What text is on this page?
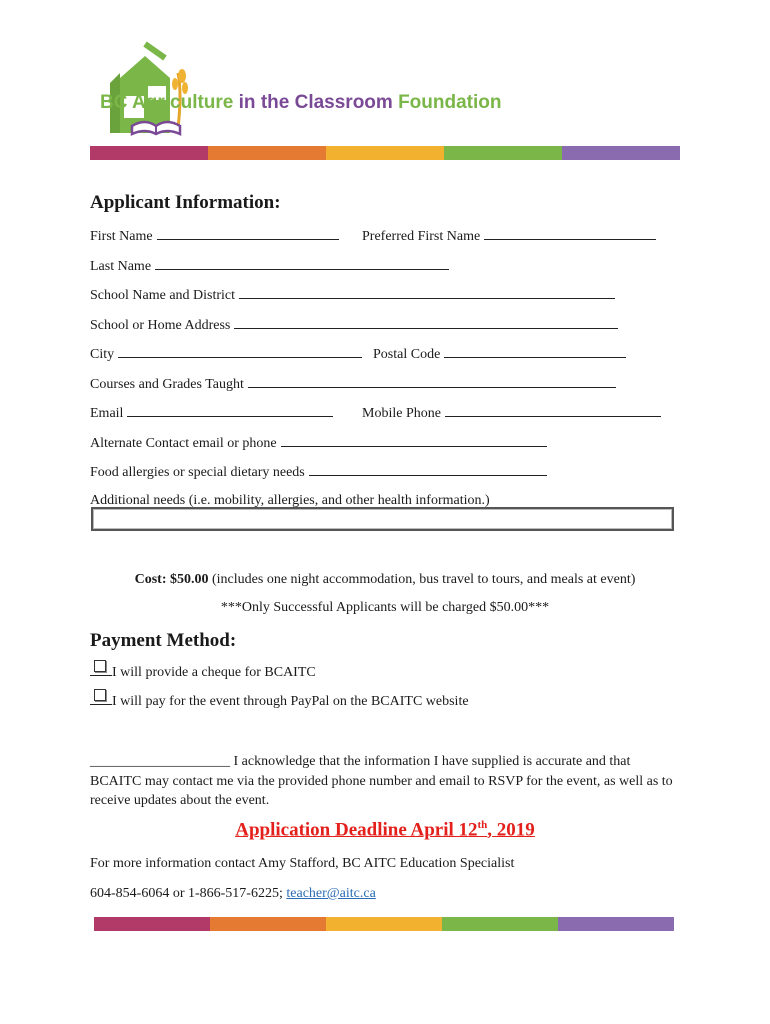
BC Agriculture in the Classroom Foundation
Applicant Information:
First Name	Preferred First Name
Last Name
School Name and District
School or Home Address
City	Postal Code
Courses and Grades Taught
Email	Mobile Phone
Alternate Contact email or phone
Food allergies or special dietary needs
Additional needs (i.e. mobility, allergies, and other health information.)
Cost: $50.00 (includes one night accommodation, bus travel to tours, and meals at event)
***Only Successful Applicants will be charged $50.00***
Payment Method:
I will provide a cheque for BCAITC
I will pay for the event through PayPal on the BCAITC website
____________________ I acknowledge that the information I have supplied is accurate and that BCAITC may contact me via the provided phone number and email to RSVP for the event, as well as to receive updates about the event.
Application Deadline April 12th, 2019
For more information contact Amy Stafford, BC AITC Education Specialist
604-854-6064 or 1-866-517-6225; teacher@aitc.ca
